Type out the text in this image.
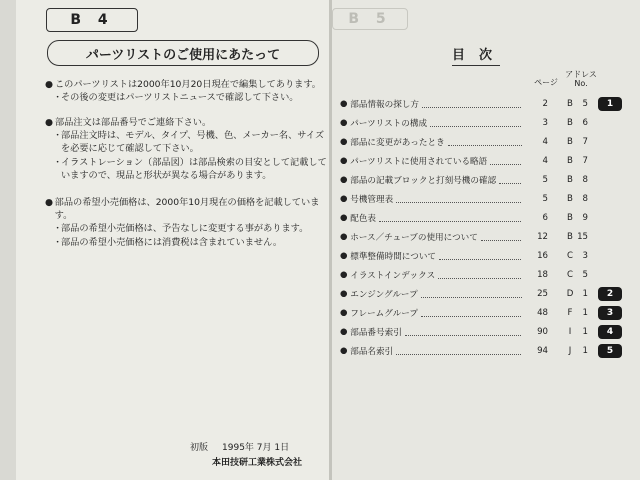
B 4
パーツリストのご使用にあたって
● このパーツリストは2000年10月20日現在で編集してあります。
・
その後の変更はパーツリストニュースで確認して下さい。
● 部品注文は部品番号でご連絡下さい。
・
部品注文時は、モデル、タイプ、号機、色、メーカー名、サイズを必要に応じて確認して下さい。
・
イラストレーション（部品図）は部品検索の目安として記載していますので、現品と形状が異なる場合があります。
● 部品の希望小売価格は、2000年10月現在の価格を記載しています。
・
部品の希望小売価格は、予告なしに変更する事があります。
・
部品の希望小売価格には消費税は含まれていません。
初版 1995年 7月 1日
本田技研工業株式会社
B 5
目次
ページ
アドレス
No.
● 部品情報の探し方	2	B	5	1
● パーツリストの構成	3	B	6
● 部品に変更があったとき	4	B	7
● パーツリストに使用されている略語	4	B	7
● 部品の記載ブロックと打刻号機の確認	5	B	8
● 号機管理表	5	B	8
● 配色表	6	B	9
● ホース／チューブの使用について	12	B 15
● 標準整備時間について	16	C	3
● イラストインデックス	18	C	5
● エンジングループ	25	D	1	2
● フレームグループ	48	F	1	3
● 部品番号索引	90	I	1	4
● 部品名索引	94	J	1	5
